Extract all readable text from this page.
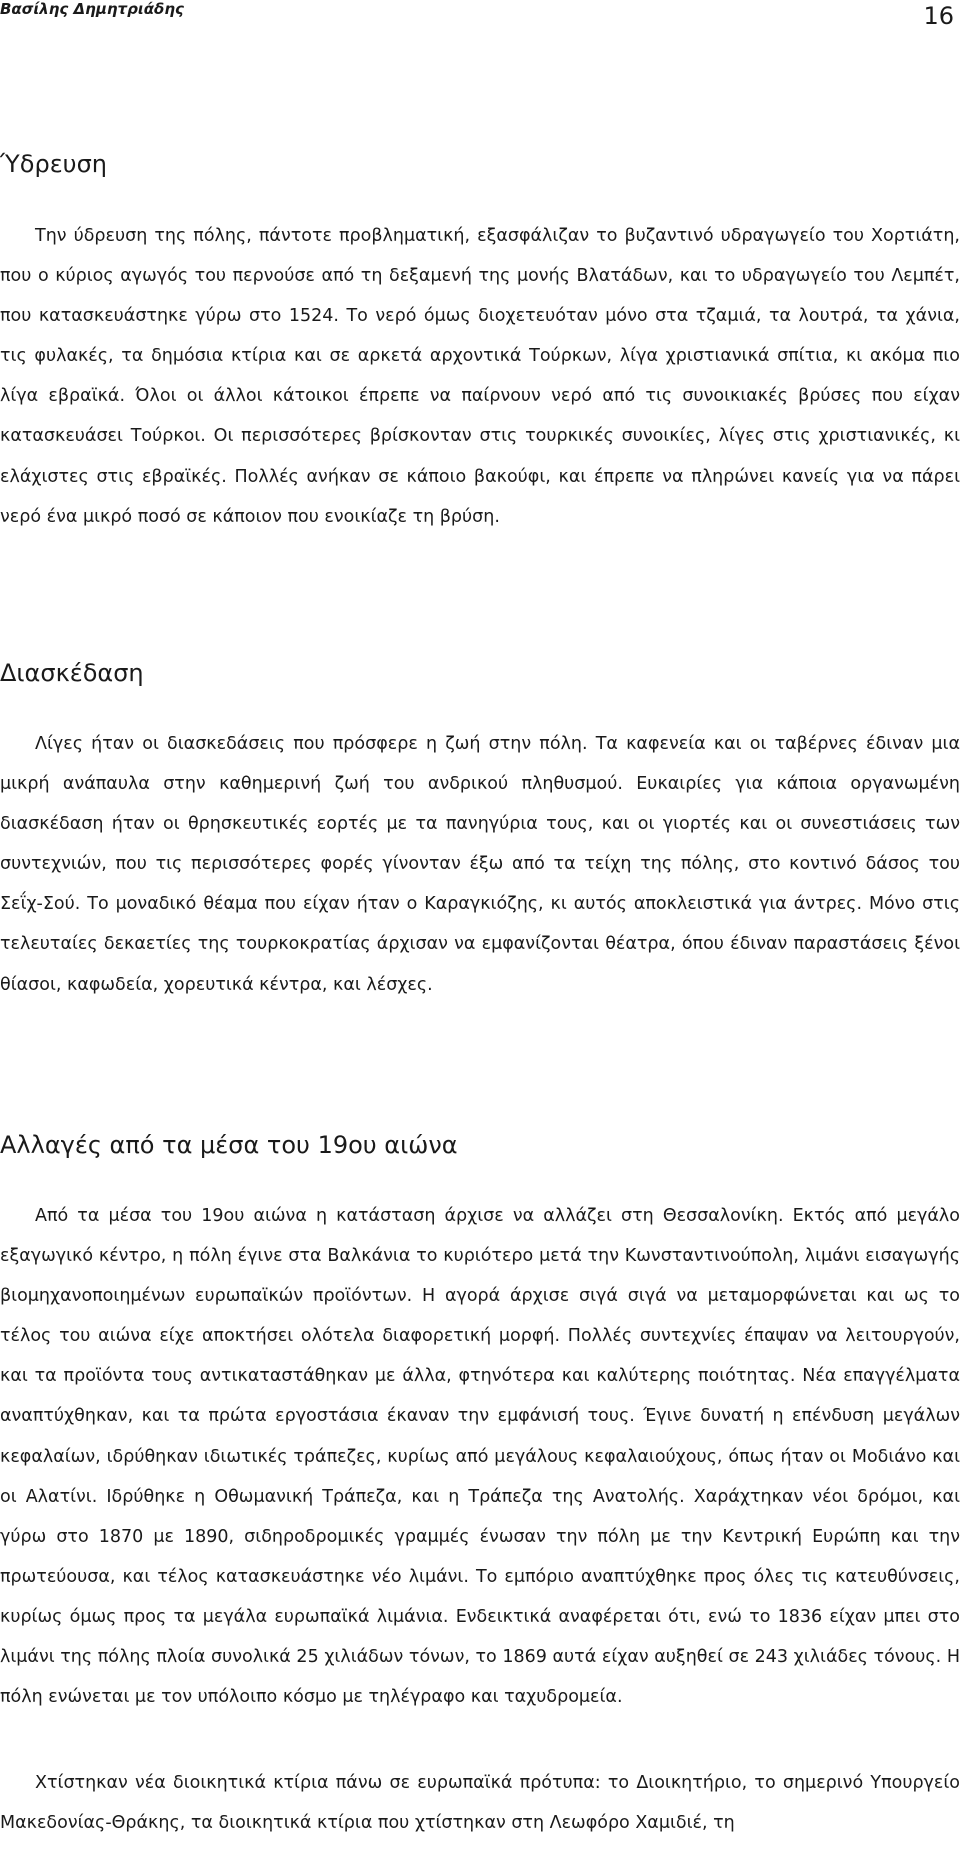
Βασίλης Δημητριάδης	16
Ύδρευση

Την ύδρευση της πόλης, πάντοτε προβληματική, εξασφάλιζαν το βυζαντινό υδραγωγείο του Χορτιάτη, που ο κύριος αγωγός του περνούσε από τη δεξαμενή της μονής Βλατάδων, και το υδραγωγείο του Λεμπέτ, που κατασκευάστηκε γύρω στο 1524. Το νερό όμως διοχετευόταν μόνο στα τζαμιά, τα λουτρά, τα χάνια, τις φυλακές, τα δημόσια κτίρια και σε αρκετά αρχοντικά Τούρκων, λίγα χριστιανικά σπίτια, κι ακόμα πιο λίγα εβραϊκά. Όλοι οι άλλοι κάτοικοι έπρεπε να παίρνουν νερό από τις συνοικιακές βρύσες που είχαν κατασκευάσει Τούρκοι. Οι περισσότερες βρίσκονταν στις τουρκικές συνοικίες, λίγες στις χριστιανικές, κι ελάχιστες στις εβραϊκές. Πολλές ανήκαν σε κάποιο βακούφι, και έπρεπε να πληρώνει κανείς για να πάρει νερό ένα μικρό ποσό σε κάποιον που ενοικίαζε τη βρύση.

Διασκέδαση

Λίγες ήταν οι διασκεδάσεις που πρόσφερε η ζωή στην πόλη. Τα καφενεία και οι ταβέρνες έδιναν μια μικρή ανάπαυλα στην καθημερινή ζωή του ανδρικού πληθυσμού. Ευκαιρίες για κάποια οργανωμένη διασκέδαση ήταν οι θρησκευτικές εορτές με τα πανηγύρια τους, και οι γιορτές και οι συνεστιάσεις των συντεχνιών, που τις περισσότερες φορές γίνονταν έξω από τα τείχη της πόλης, στο κοντινό δάσος του Σεΐχ-Σού. Το μοναδικό θέαμα που είχαν ήταν ο Καραγκιόζης, κι αυτός αποκλειστικά για άντρες. Μόνο στις τελευταίες δεκαετίες της τουρκοκρατίας άρχισαν να εμφανίζονται θέατρα, όπου έδιναν παραστάσεις ξένοι θίασοι, καφωδεία, χορευτικά κέντρα, και λέσχες.

Αλλαγές από τα μέσα του 19ου αιώνα

Από τα μέσα του 19ου αιώνα η κατάσταση άρχισε να αλλάζει στη Θεσσαλονίκη. Εκτός από μεγάλο εξαγωγικό κέντρο, η πόλη έγινε στα Βαλκάνια το κυριότερο μετά την Κωνσταντινούπολη, λιμάνι εισαγωγής βιομηχανοποιημένων ευρωπαϊκών προϊόντων. Η αγορά άρχισε σιγά σιγά να μεταμορφώνεται και ως το τέλος του αιώνα είχε αποκτήσει ολότελα διαφορετική μορφή. Πολλές συντεχνίες έπαψαν να λειτουργούν, και τα προϊόντα τους αντικαταστάθηκαν με άλλα, φτηνότερα και καλύτερης ποιότητας. Νέα επαγγέλματα αναπτύχθηκαν, και τα πρώτα εργοστάσια έκαναν την εμφάνισή τους. Έγινε δυνατή η επένδυση μεγάλων κεφαλαίων, ιδρύθηκαν ιδιωτικές τράπεζες, κυρίως από μεγάλους κεφαλαιούχους, όπως ήταν οι Μοδιάνο και οι Αλατίνι. Ιδρύθηκε η Οθωμανική Τράπεζα, και η Τράπεζα της Ανατολής. Χαράχτηκαν νέοι δρόμοι, και γύρω στο 1870 με 1890, σιδηροδρομικές γραμμές ένωσαν την πόλη με την Κεντρική Ευρώπη και την πρωτεύουσα, και τέλος κατασκευάστηκε νέο λιμάνι. Το εμπόριο αναπτύχθηκε προς όλες τις κατευθύνσεις, κυρίως όμως προς τα μεγάλα ευρωπαϊκά λιμάνια. Ενδεικτικά αναφέρεται ότι, ενώ το 1836 είχαν μπει στο λιμάνι της πόλης πλοία συνολικά 25 χιλιάδων τόνων, το 1869 αυτά είχαν αυξηθεί σε 243 χιλιάδες τόνους. Η πόλη ενώνεται με τον υπόλοιπο κόσμο με τηλέγραφο και ταχυδρομεία.

Χτίστηκαν νέα διοικητικά κτίρια πάνω σε ευρωπαϊκά πρότυπα: το Διοικητήριο, το σημερινό Υπουργείο Μακεδονίας-Θράκης, τα διοικητικά κτίρια που χτίστηκαν στη Λεωφόρο Χαμιδιέ, τη
